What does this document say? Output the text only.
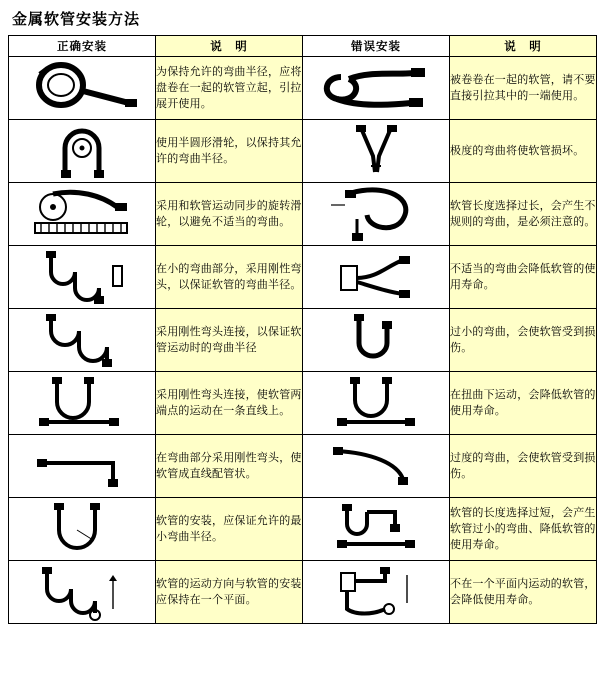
金属软管安装方法
正确安装	说　明	错误安装	说　明

	为保持允许的弯曲半径，应将盘卷在一起的软管立起，引拉展开使用。		被卷卷在一起的软管，请不要直接引拉其中的一端使用。

	使用半圆形滑轮，以保持其允许的弯曲半径。		极度的弯曲将使软管损坏。

	采用和软管运动同步的旋转滑轮，以避免不适当的弯曲。		软管长度选择过长，会产生不规则的弯曲，是必须注意的。

	在小的弯曲部分，采用刚性弯头，以保证软管的弯曲半径。		不适当的弯曲会降低软管的使用寿命。

	采用刚性弯头连接，以保证软管运动时的弯曲半径		过小的弯曲，会使软管受到损伤。

	采用刚性弯头连接，使软管两端点的运动在一条直线上。		在扭曲下运动，会降低软管的使用寿命。

	在弯曲部分采用刚性弯头，使软管成直线配管状。		过度的弯曲，会使软管受到损伤。

	软管的安装，应保证允许的最小弯曲半径。		软管的长度选择过短，会产生软管过小的弯曲、降低软管的使用寿命。

	软管的运动方向与软管的安装应保持在一个平面。		不在一个平面内运动的软管，会降低使用寿命。
